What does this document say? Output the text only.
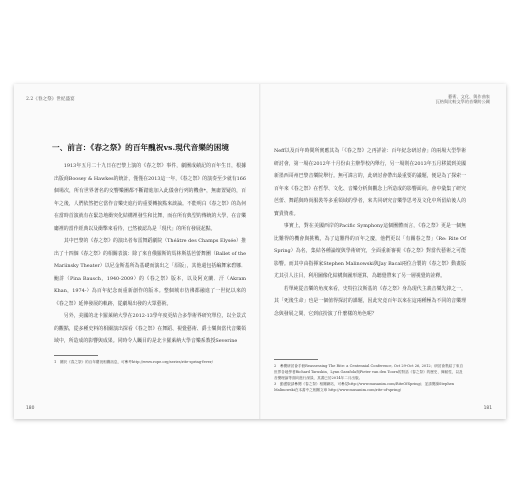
2.2《春之祭》世紀盛宴
一、前言：《春之祭》的百年醜祝vs.現代音樂的困境

1913年五月二十九日在巴黎上演的《春之祭》事件，劇團成績記的百年生日，根據出版商Boosey & Hawkes的統計，僅僅在2013這一年，《春之祭》的演奏至少就有166個場次，所有世界著名的交響樂團都不斷踏進加入此儀會行列的機會*，無庸置疑的，百年之後，人們依然把它當作音樂史進行的重要轉捩點來談論。不能明白《春之祭》的為何在當時首演就有在緊急地衝突化結構裡發生和比舞，而在所有典型的傳統的大學，在音樂廳裡的當作經典以及衝擊來看待，已然被認為是「現代」的所有發展起點。

其中巴黎的《春之祭》的演出者布雷舞蹈劇院（Théâtre des Champs Elysée）推出了十四個《春之祭》的相關表演：除了來自俄羅斯的馬林斯基芭蕾舞團（Ballet of the Mariinsky Theater）以尼金斯基所為基礎而演出之「原版」，其他還包括編舞家碧娜．鮑許（Pina Bausch，1940-2009）的《春之祭》版本，以及阿克蘭．汗（Akram Khan，1974-）為百年紀念而重新創作的版本。整個城市彷彿都融進了一世紀以來的《春之祭》延伸發展的軌跡，從劇場出發的大眾藝術。

另外，美國的北卡羅萊納大學在2012-13學年度更結合多學術界研究單位，以全景式的觀點，從多種史料的相關演出探看《春之祭》在舞蹈、視覺藝術、爵士樂與當代音樂領域中，所造成的影響與成果。同時令人矚目的是北卡羅萊納大學音樂系教授Severine

1 關於《春之祭》的百年慶祝相關訊息，可參考http://www.rope.org/series/rite-spring-fever/
180
藝術、文化、與作曲家
瓦格與比較文學的音樂跨公關

Neff以及百年時間所實應其為「《春之祭》之再詳詮：百年紀念研討會」的兩場大型學術研討會，第一場在2012年十月份由主辦學校內舉行，另一場則在2013年五月移駕到美國新墨西哥州巴黎音樂院舉行。無可諱言的，此研討會帶出最重要的議題，便是為了探索一百年來《春之祭》在哲學、文化、音樂分析與觀念上所造成的影響面向。會中彙集了研究芭蕾、舞蹈與時尚服裝等多重領域的學者，來共同研究音樂學思考及文化中所留給後人的寶貴資產。

事實上，對在美國西岸的Pacific Symphony這個團體而言，《春之祭》更是一個無比難得的機會與挑戰，為了這難得的百年之慶，他們更以「有關春之祭」（Re: Rite Of Spring）為名，集結各種論壇與學術研究，全面重新審視《春之祭》對當代藝術之可能影響。而其中由指揮家Stephen Malinowski與Jay Bacal兩位合製的《春之祭》動畫版尤其引人注目，利用圖像化結構與圖形運算，為聽覺帶來了另一層視覺的詮釋。

若單純從音樂的角度來看，史特拉汶斯基的《春之祭》身為現代主義音樂先鋒之一，其「死後生命」也是一個值得探討的課題，因此究竟百年以來在這兩種極為不同的音樂理念與發展之間，它到底扮演了什麼樣的角色呢？

2 參閱研討會手冊Reassessing The Rite: a Centennial Conference, Oct 29-Oct 26, 2012；研討會集結了來自世界各地學者Richard Taruskin、Lynn Garafola與Pieter van den Toorn的對話《春之祭》的歷史、舞蹈性，以及音樂理論等面向進行深談，其書已於2014年二月出版。
3 動畫版請參閱《春之祭》相關網站，可參見http://www.musanim.com/RiteOfSpring/；並請閱讀Stephen Malinowski在本書中之相關文章 http://www.musanim.com/rite-of-spring/
181
